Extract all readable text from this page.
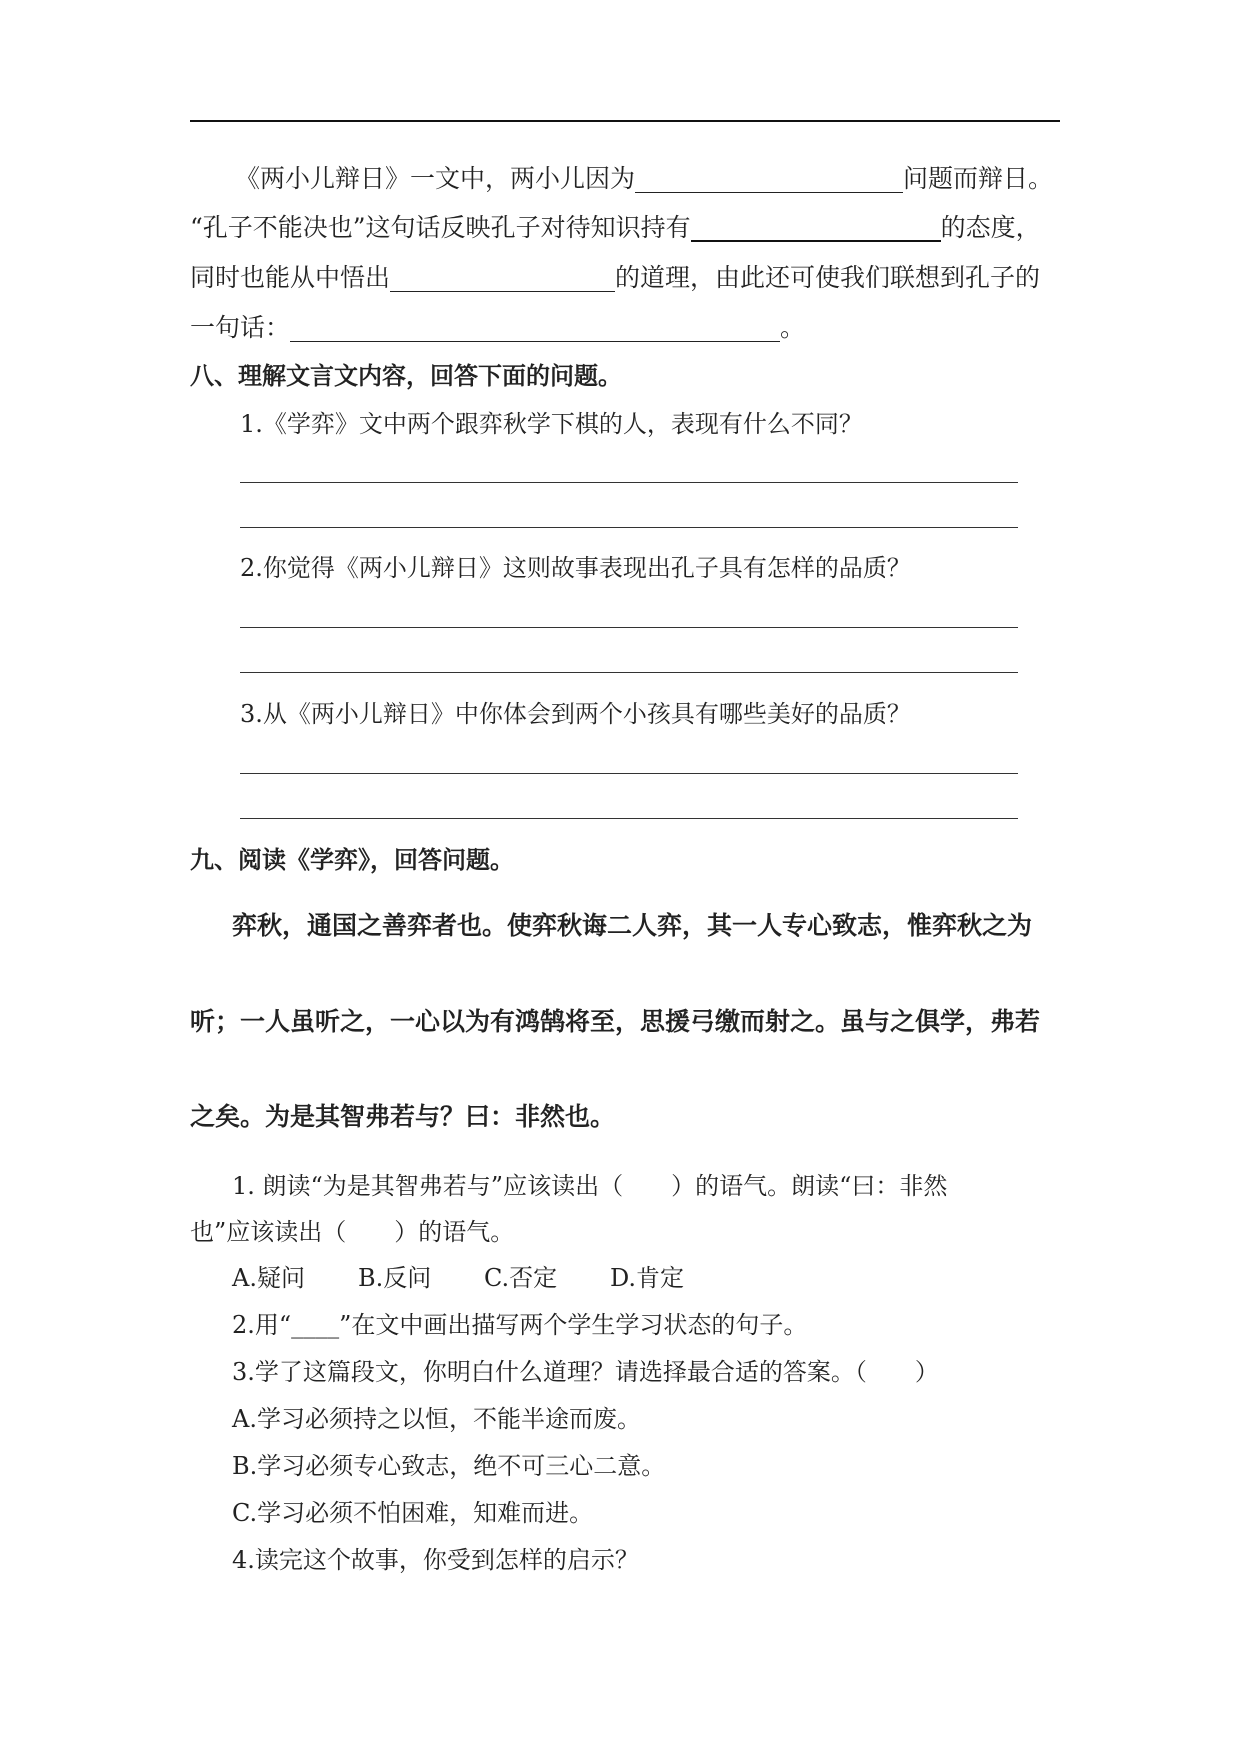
《两小儿辩日》一文中，两小儿因为	问题而辩日。
“孔子不能决也”这句话反映孔子对待知识持有	的态度，
同时也能从中悟出	的道理，由此还可使我们联想到孔子的
一句话：	。
八、理解文言文内容，回答下面的问题。
1.《学弈》文中两个跟弈秋学下棋的人，表现有什么不同？
2.你觉得《两小儿辩日》这则故事表现出孔子具有怎样的品质？
3.从《两小儿辩日》中你体会到两个小孩具有哪些美好的品质？
九、阅读《学弈》，回答问题。
弈秋，通国之善弈者也。使弈秋诲二人弈，其一人专心致志，惟弈秋之为
听；一人虽听之，一心以为有鸿鹄将至，思援弓缴而射之。虽与之俱学，弗若
之矣。为是其智弗若与？曰：非然也。
1. 朗读“为是其智弗若与”应该读出（　　）的语气。朗读“曰：非然
也”应该读出（　　）的语气。
A.疑问 B.反问 C.否定 D.肯定
2.用“____”在文中画出描写两个学生学习状态的句子。
3.学了这篇段文，你明白什么道理？请选择最合适的答案。（　　）
A.学习必须持之以恒，不能半途而废。
B.学习必须专心致志，绝不可三心二意。
C.学习必须不怕困难，知难而进。
4.读完这个故事，你受到怎样的启示？
